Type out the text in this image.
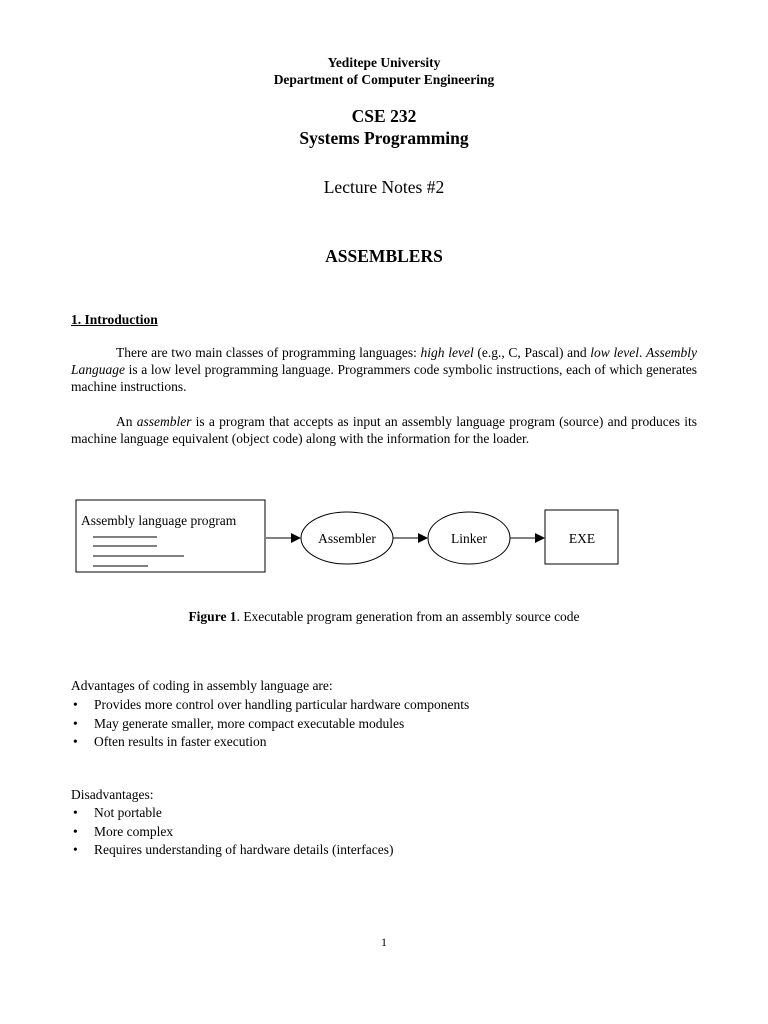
Yeditepe University
Department of Computer Engineering
CSE 232
Systems Programming
Lecture Notes #2
ASSEMBLERS
1. Introduction
There are two main classes of programming languages: high level (e.g., C, Pascal) and low level. Assembly Language is a low level programming language. Programmers code symbolic instructions, each of which generates machine instructions.
An assembler is a program that accepts as input an assembly language program (source) and produces its machine language equivalent (object code) along with the information for the loader.
Assembly language program
Assembler	Linker	EXE
Figure 1. Executable program generation from an assembly source code
Advantages of coding in assembly language are:
• Provides more control over handling particular hardware components
• May generate smaller, more compact executable modules
• Often results in faster execution
Disadvantages:
• Not portable
• More complex
• Requires understanding of hardware details (interfaces)
1
